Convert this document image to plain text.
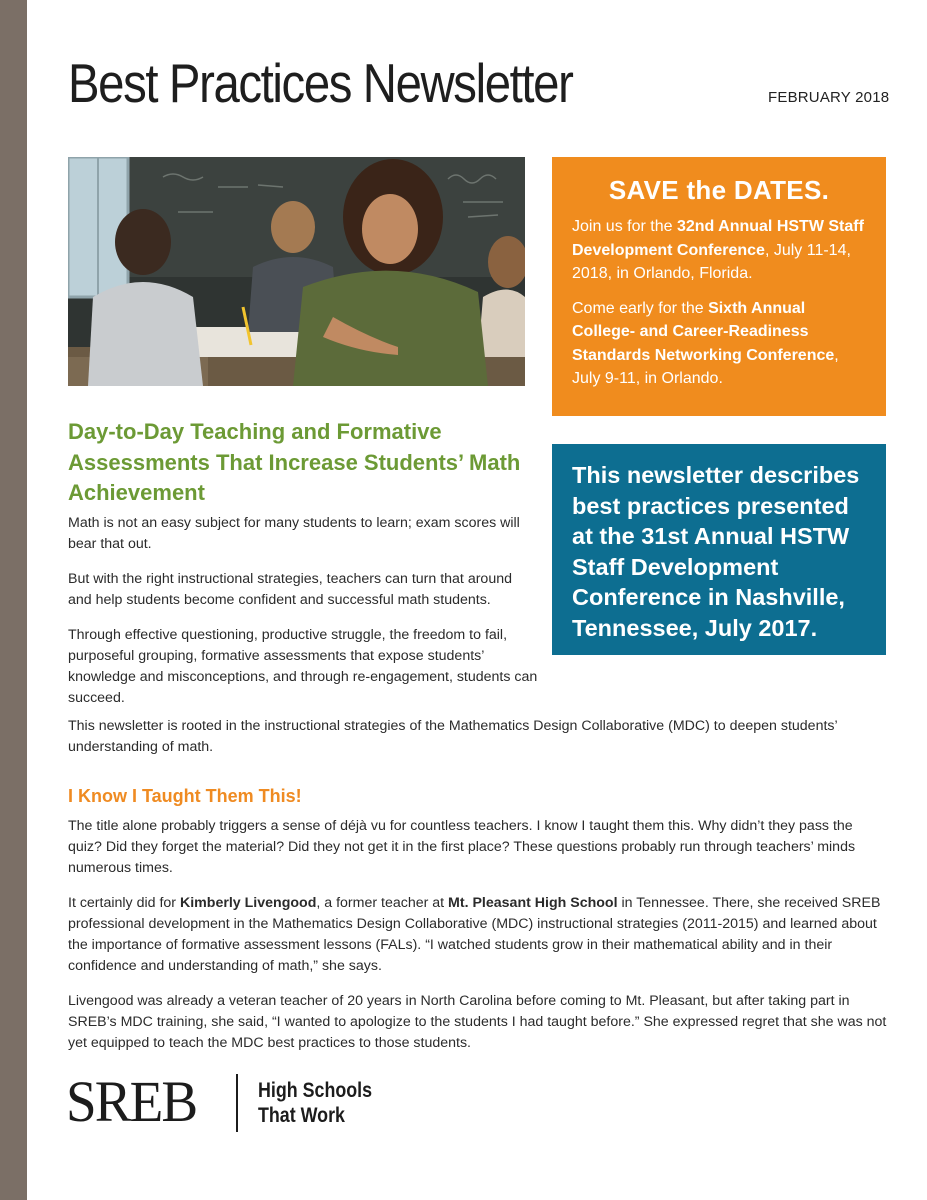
Best Practices Newsletter	FEBRUARY 2018
SAVE the DATES.

Join us for the 32nd Annual HSTW Staff Development Conference, July 11-14, 2018, in Orlando, Florida.

Come early for the Sixth Annual College- and Career-Readiness Standards Networking Conference, July 9-11, in Orlando.

This newsletter describes best practices presented at the 31st Annual HSTW Staff Development Conference in Nashville, Tennessee, July 2017.
Day-to-Day Teaching and Formative Assessments That Increase Students’ Math Achievement

Math is not an easy subject for many students to learn; exam scores will bear that out.

But with the right instructional strategies, teachers can turn that around and help students become confident and successful math students.

Through effective questioning, productive struggle, the freedom to fail, purposeful grouping, formative assessments that expose students’ knowledge and misconceptions, and through re-engagement, students can succeed.

This newsletter is rooted in the instructional strategies of the Mathematics Design Collaborative (MDC) to deepen students’ understanding of math.

I Know I Taught Them This!

The title alone probably triggers a sense of déjà vu for countless teachers. I know I taught them this. Why didn’t they pass the quiz? Did they forget the material? Did they not get it in the first place? These questions probably run through teachers’ minds numerous times.

It certainly did for Kimberly Livengood, a former teacher at Mt. Pleasant High School in Tennessee. There, she received SREB professional development in the Mathematics Design Collaborative (MDC) instructional strategies (2011-2015) and learned about the importance of formative assessment lessons (FALs). “I watched students grow in their mathematical ability and in their confidence and understanding of math,” she says.

Livengood was already a veteran teacher of 20 years in North Carolina before coming to Mt. Pleasant, but after taking part in SREB’s MDC training, she said, “I wanted to apologize to the students I had taught before.” She expressed regret that she was not yet equipped to teach the MDC best practices to those students.

SREB	High Schools
That Work
